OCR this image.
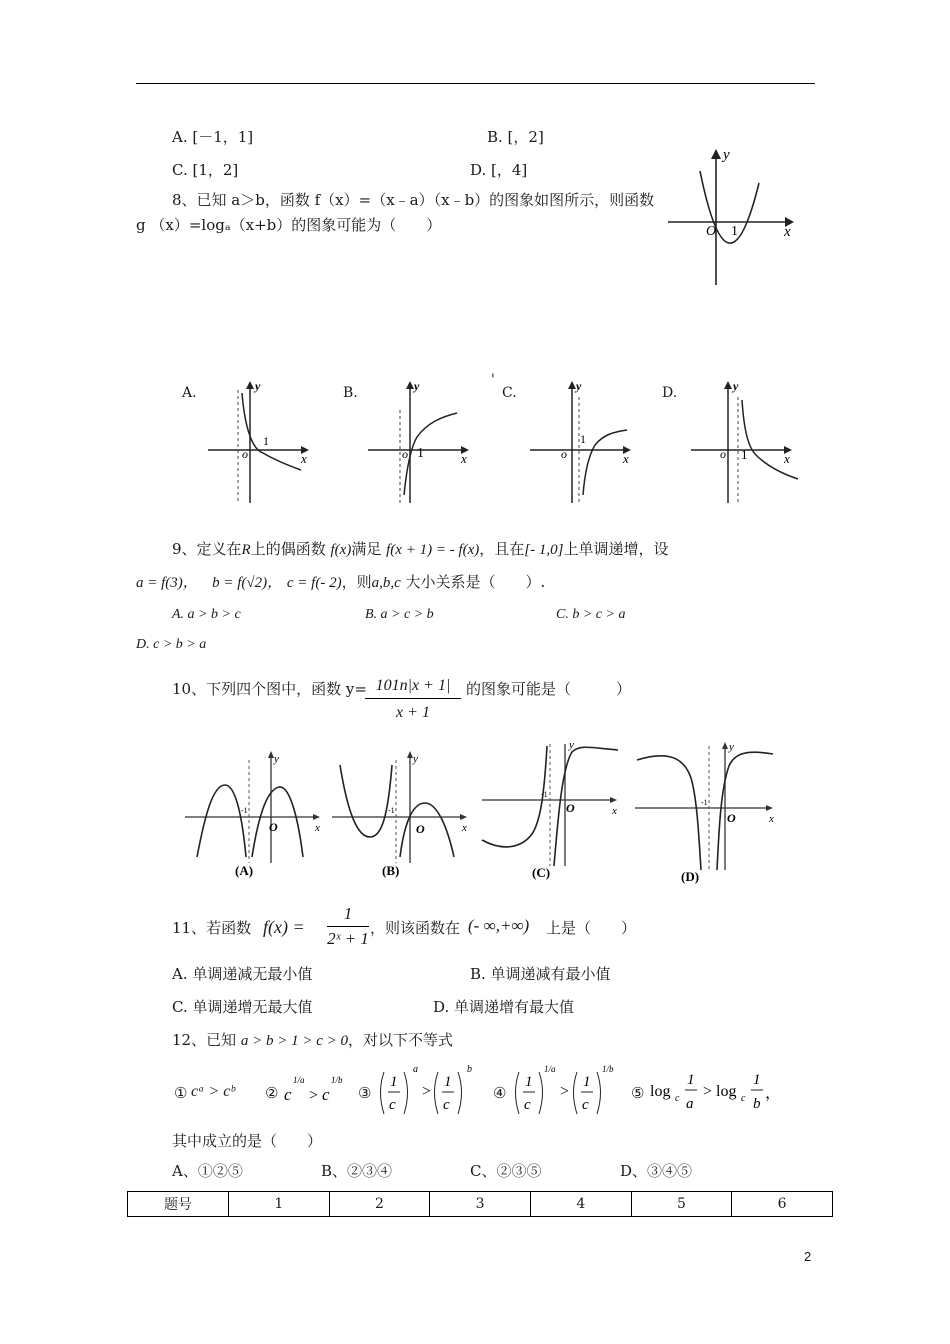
A. [－1，1]	B. [，2]
C. [1，2]	D. [，4]
8、已知 a＞b，函数 f（x）=（x﹣a）（x﹣b）的图象如图所示，则函数
g （x）=logₐ（x+b）的图象可能为（　　）
y
x
O 1
A.	y
x
o
1
B.	y
x
o 1
'
C.	y
x
o
1
D.	y
x
o 1
9、定义在R上的偶函数 f(x)满足 f(x + 1) = - f(x)，且在[- 1,0]上单调递增，设
a = f(3)， b = f(√2)， c = f(- 2)，则a,b,c 大小关系是（　　）.
A. a > b > c	B. a > c > b	C. b > c > a
D. c > b > a
10、下列四个图中，函数 y=
$\frac{101n|x + 1|}{x + 1}$ 的图象可能是（　　　）
y
x
O
-1
(A)
y
x
O
-1
(B)
y
x
O
-1
(C)
y
x
O
-1
(D)
11、若函数 $f(x) = \frac{1}{\text{2ˣ + 1}}$ ，则该函数在 (- ∞,+∞) 上是（　　）
A. 单调递减无最小值	B. 单调递减有最小值
C. 单调递增无最大值	D. 单调递增有最大值
12、已知 a > b > 1 > c > 0，对以下不等式
① cᵃ > cᵇ ② c
1/a
> c
1/b
③
1
c
a
>
1
c
b
④
1
c
1/a
>
1
c
1/b
⑤ log c
1
a
> log c
1
b
，
其中成立的是（　　）
A、①②⑤	B、②③④	C、②③⑤	D、③④⑤
题号	1	2	3	4	5	6
2
